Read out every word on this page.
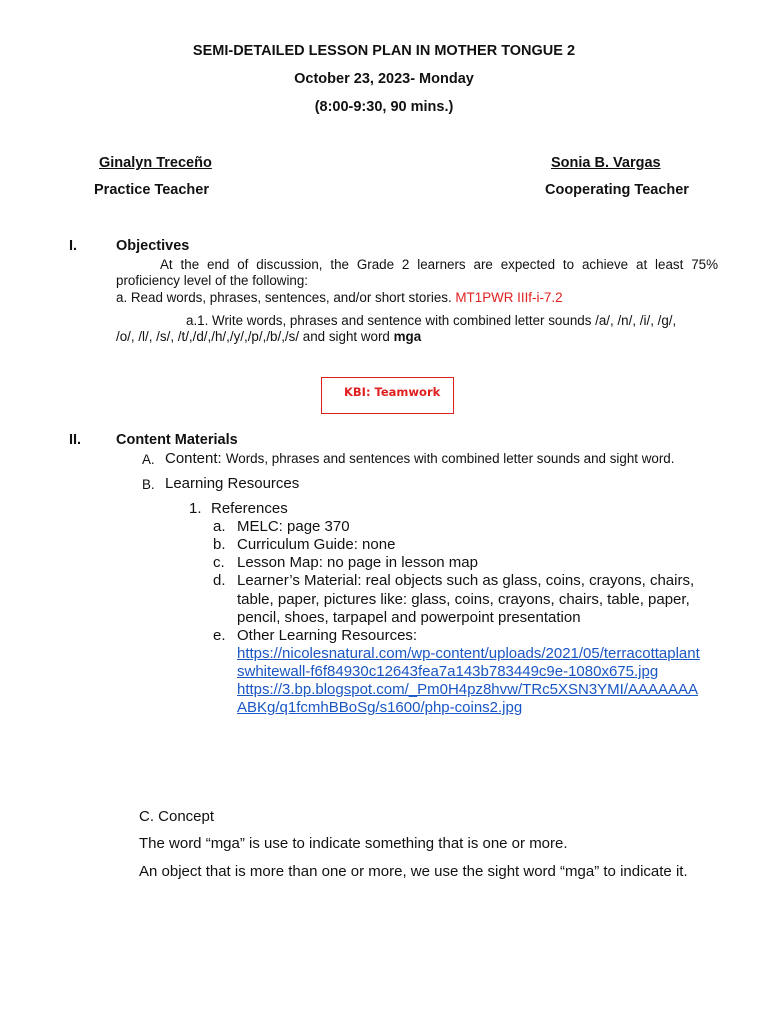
SEMI-DETAILED LESSON PLAN IN MOTHER TONGUE 2
October 23, 2023- Monday
(8:00-9:30, 90 mins.)
Ginalyn Treceño
Practice Teacher
Sonia B. Vargas
Cooperating Teacher
I.	Objectives
At the end of discussion, the Grade 2 learners are expected to achieve at least 75%
proficiency level of the following:
a. Read words, phrases, sentences, and/or short stories. MT1PWR IIIf-i-7.2
a.1. Write words, phrases and sentence with combined letter sounds /a/, /n/, /i/, /g/,
/o/, /l/, /s/, /t/,/d/,/h/,/y/,/p/,/b/,/s/ and sight word mga
KBI: Teamwork
II. Content Materials
A. Content: Words, phrases and sentences with combined letter sounds and sight word.
B. Learning Resources
1. References
a. MELC: page 370
b. Curriculum Guide: none
c. Lesson Map: no page in lesson map
d. Learner’s Material: real objects such as glass, coins, crayons, chairs,
table, paper, pictures like: glass, coins, crayons, chairs, table, paper,
pencil, shoes, tarpapel and powerpoint presentation
e. Other Learning Resources:
https://nicolesnatural.com/wp-content/uploads/2021/05/terracottaplant
swhitewall-f6f84930c12643fea7a143b783449c9e-1080x675.jpg
https://3.bp.blogspot.com/_Pm0H4pz8hvw/TRc5XSN3YMI/AAAAAAA
ABKg/q1fcmhBBoSg/s1600/php-coins2.jpg
C. Concept
The word “mga” is use to indicate something that is one or more.
An object that is more than one or more, we use the sight word “mga” to indicate it.
